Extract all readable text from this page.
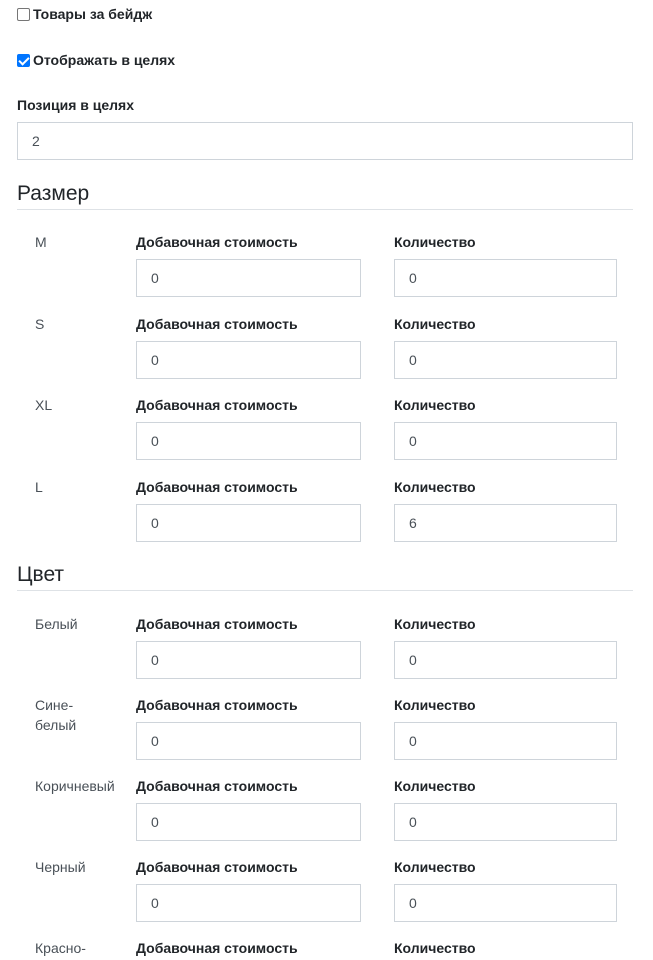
Товары за бейдж
Отображать в целях
Позиция в целях
2
Размер
M	Добавочная стоимость	Количество
0
0
S	Добавочная стоимость	Количество
0
0
XL	Добавочная стоимость	Количество
0
0
L	Добавочная стоимость	Количество
0
6
Цвет
Белый	Добавочная стоимость	Количество
0
0
Сине-белый
Добавочная стоимость	Количество
0
0
Коричневый	Добавочная стоимость	Количество
0
0
Черный	Добавочная стоимость	Количество
0
0
Красно-	Добавочная стоимость	Количество
